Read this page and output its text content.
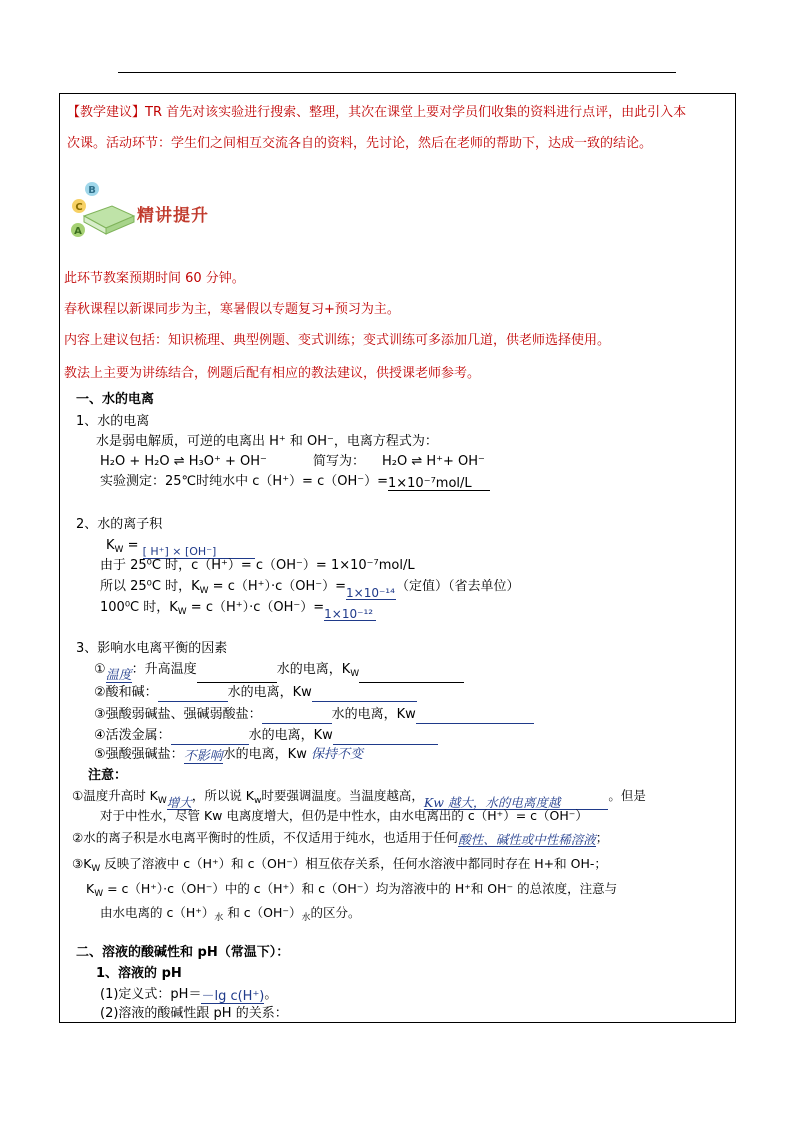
【教学建议】TR 首先对该实验进行搜索、整理，其次在课堂上要对学员们收集的资料进行点评，由此引入本
次课。活动环节：学生们之间相互交流各自的资料，先讨论，然后在老师的帮助下，达成一致的结论。
C
B
A
精讲提升
此环节教案预期时间 60 分钟。
春秋课程以新课同步为主，寒暑假以专题复习+预习为主。
内容上建议包括：知识梳理、典型例题、变式训练；变式训练可多添加几道，供老师选择使用。
教法上主要为讲练结合，例题后配有相应的教法建议，供授课老师参考。
一、水的电离
1、水的电离
水是弱电解质，可逆的电离出 H⁺ 和 OH⁻，电离方程式为：
H₂O + H₂O ⇌ H₃O⁺ + OH⁻	简写为： H₂O ⇌ H⁺+ OH⁻
实验测定：25℃时纯水中 c（H⁺）= c（OH⁻）=1×10⁻⁷mol/L
2、水的离子积
$K_W$ = [ H⁺] × [OH⁻]
由于 25⁰C 时，c（H⁺）= c（OH⁻）= 1×10⁻⁷mol/L
所以 25⁰C 时，$K_W = c(H^+)\cdot c(OH^-)=1\times 10^{-14}$（定值）（省去单位）
100⁰C 时，$K_W = c(H^+)\cdot c(OH^-)=1\times 10^{-12}$
3、影响水电离平衡的因素
①温度：升高温度	水的电离，$K_W$
②酸和碱：	水的电离，Kw
③强酸弱碱盐、强碱弱酸盐：	水的电离，Kw
④活泼金属：	水的电离，Kw
⑤强酸强碱盐：不影响水的电离，Kw 保持不变
注意：
①温度升高时 $K_W$增大，所以说 $K_w$时要强调温度。当温度越高，Kw 越大，水的电离度越	。但是
对于中性水，尽管 Kw 电离度增大，但仍是中性水，由水电离出的 c（H⁺）= c（OH⁻）
②水的离子积是水电离平衡时的性质，不仅适用于纯水，也适用于任何酸性、碱性或中性稀溶液；
$③K_W$ 反映了溶液中 c（H⁺）和 c（OH⁻）相互依存关系，任何水溶液中都同时存在 H+和 OH-；
$K_W = c(H^+)\cdot c(OH^-)$中的 c（H⁺）和 c（OH⁻）均为溶液中的 H⁺和 OH⁻ 的总浓度，注意与
由水电离的 $c(H^+)_水$ 和 $c(OH^-)_水$的区分。
二、溶液的酸碱性和 pH（常温下）：
1、溶液的 pH
(1)定义式：pH＝－lg c(H⁺)。
(2)溶液的酸碱性跟 pH 的关系：
